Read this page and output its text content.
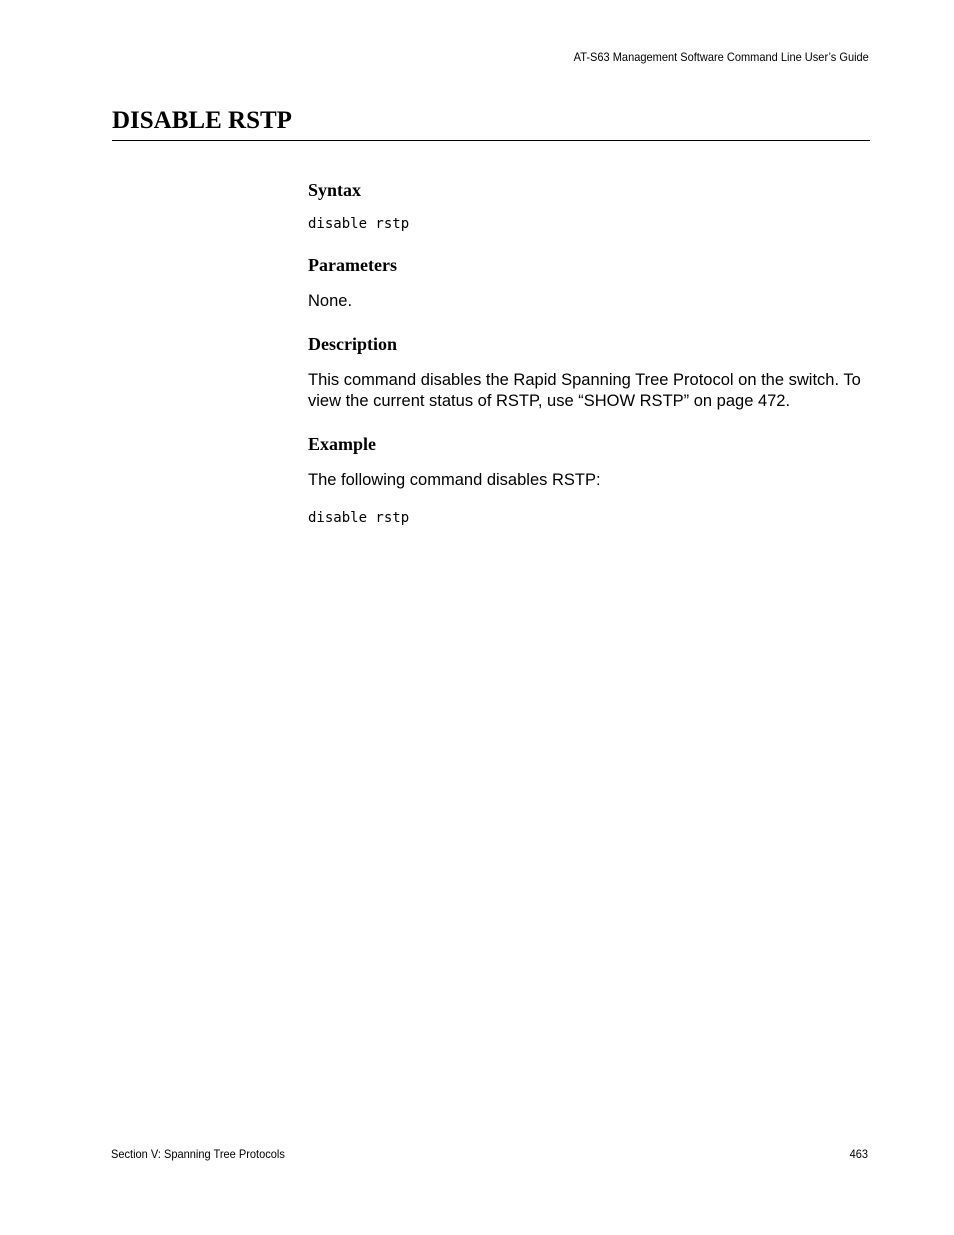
AT-S63 Management Software Command Line User’s Guide
DISABLE RSTP
Syntax

disable rstp

Parameters

None.

Description

This command disables the Rapid Spanning Tree Protocol on the switch. To view the current status of RSTP, use “SHOW RSTP” on page 472.

Example

The following command disables RSTP:

disable rstp

Section V: Spanning Tree Protocols	463
